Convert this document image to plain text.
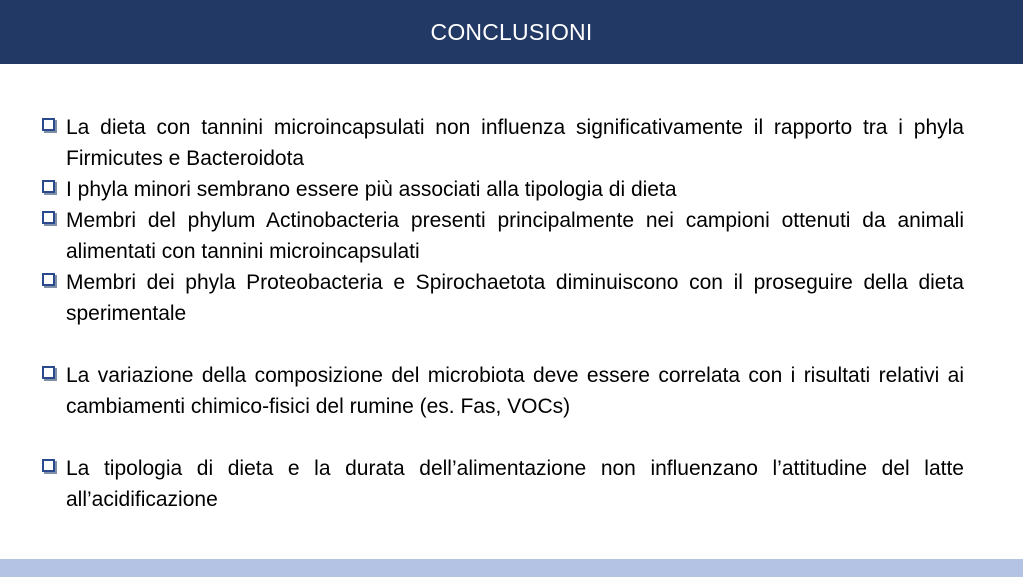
CONCLUSIONI
La dieta con tannini microincapsulati non influenza significativamente il rapporto tra i phyla Firmicutes e Bacteroidota
I phyla minori sembrano essere più associati alla tipologia di dieta
Membri del phylum Actinobacteria presenti principalmente nei campioni ottenuti da animali alimentati con tannini microincapsulati
Membri dei phyla Proteobacteria e Spirochaetota diminuiscono con il proseguire della dieta sperimentale
La variazione della composizione del microbiota deve essere correlata con i risultati relativi ai cambiamenti chimico-fisici del rumine (es. Fas, VOCs)
La tipologia di dieta e la durata dell’alimentazione non influenzano l’attitudine del latte all’acidificazione
